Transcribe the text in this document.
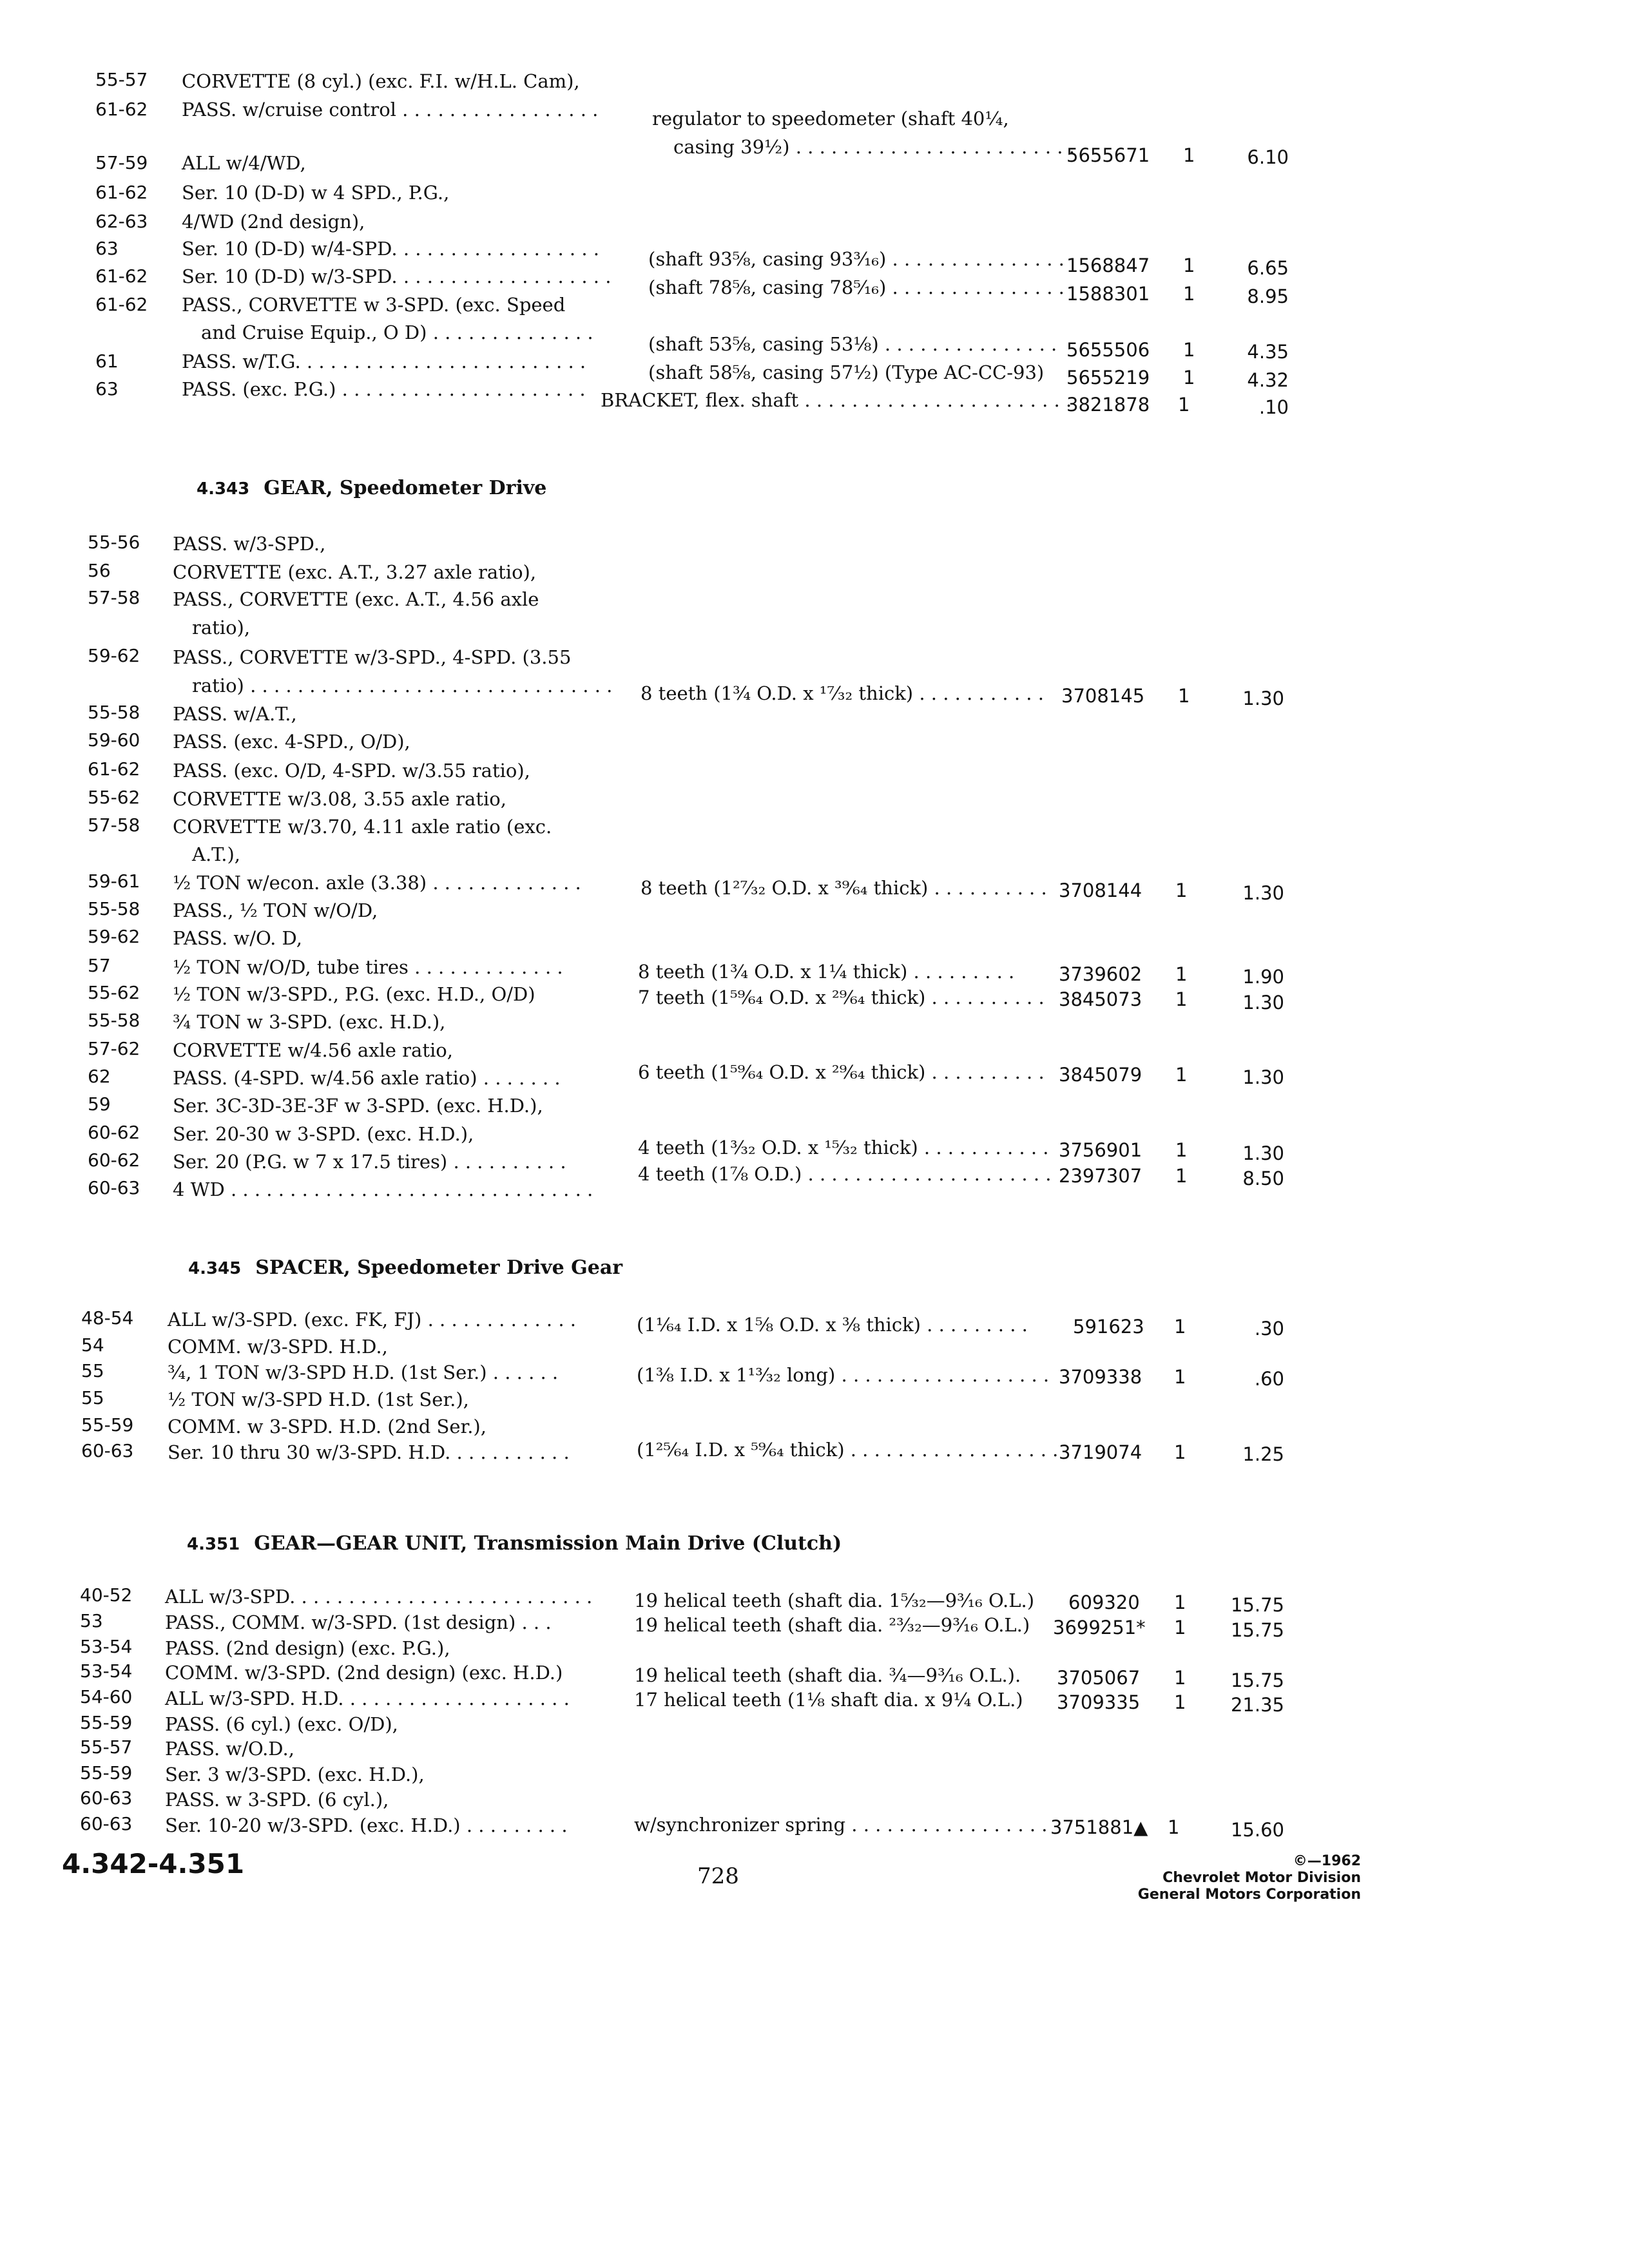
55-57
61-62
57-59
61-62
62-63
63
61-62
61-62
61
63
CORVETTE (8 cyl.) (exc. F.I. w/H.L. Cam),
PASS. w/cruise control . . . . . . . . . . . . . . . . .
ALL w/4/WD,
Ser. 10 (D-D) w 4 SPD., P.G.,
4/WD (2nd design),
Ser. 10 (D-D) w/4-SPD. . . . . . . . . . . . . . . . . .
Ser. 10 (D-D) w/3-SPD. . . . . . . . . . . . . . . . . . .
PASS., CORVETTE w 3-SPD. (exc. Speed
and Cruise Equip., O D) . . . . . . . . . . . . . .
PASS. w/T.G. . . . . . . . . . . . . . . . . . . . . . . . .
PASS. (exc. P.G.) . . . . . . . . . . . . . . . . . . . . .
regulator to speedometer (shaft 40¼,
casing 39½) . . . . . . . . . . . . . . . . . . . . . . . .
(shaft 93⅝, casing 93³⁄₁₆) . . . . . . . . . . . . . . .
(shaft 78⅝, casing 78⁵⁄₁₆) . . . . . . . . . . . . . . .
(shaft 53⅝, casing 53⅛) . . . . . . . . . . . . . . .
(shaft 58⅝, casing 57½) (Type AC-CC-93)
BRACKET, flex. shaft . . . . . . . . . . . . . . . . . . . . . . .
5655671
1568847
1588301
5655506
5655219
3821878
1
1
1
1
1
1
6.10
6.65
8.95
4.35
4.32
.10
4.343 GEAR, Speedometer Drive
55-56
56
57-58
59-62
55-58
59-60
61-62
55-62
57-58
59-61
55-58
59-62
57
55-62
55-58
57-62
62
59
60-62
60-62
60-63
PASS. w/3-SPD.,
CORVETTE (exc. A.T., 3.27 axle ratio),
PASS., CORVETTE (exc. A.T., 4.56 axle
ratio),
PASS., CORVETTE w/3-SPD., 4-SPD. (3.55
ratio) . . . . . . . . . . . . . . . . . . . . . . . . . . . . . . .
PASS. w/A.T.,
PASS. (exc. 4-SPD., O/D),
PASS. (exc. O/D, 4-SPD. w/3.55 ratio),
CORVETTE w/3.08, 3.55 axle ratio,
CORVETTE w/3.70, 4.11 axle ratio (exc.
A.T.),
½ TON w/econ. axle (3.38) . . . . . . . . . . . . .
PASS., ½ TON w/O/D,
PASS. w/O. D,
½ TON w/O/D, tube tires . . . . . . . . . . . . .
½ TON w/3-SPD., P.G. (exc. H.D., O/D)
¾ TON w 3-SPD. (exc. H.D.),
CORVETTE w/4.56 axle ratio,
PASS. (4-SPD. w/4.56 axle ratio) . . . . . . .
Ser. 3C-3D-3E-3F w 3-SPD. (exc. H.D.),
Ser. 20-30 w 3-SPD. (exc. H.D.),
Ser. 20 (P.G. w 7 x 17.5 tires) . . . . . . . . . .
4 WD . . . . . . . . . . . . . . . . . . . . . . . . . . . . . . .
8 teeth (1¾ O.D. x ¹⁷⁄₃₂ thick) . . . . . . . . . . .
8 teeth (1²⁷⁄₃₂ O.D. x ³⁹⁄₆₄ thick) . . . . . . . . . .
8 teeth (1¾ O.D. x 1¼ thick) . . . . . . . . .
7 teeth (1⁵⁹⁄₆₄ O.D. x ²⁹⁄₆₄ thick) . . . . . . . . . .
6 teeth (1⁵⁹⁄₆₄ O.D. x ²⁹⁄₆₄ thick) . . . . . . . . . .
4 teeth (1³⁄₃₂ O.D. x ¹⁵⁄₃₂ thick) . . . . . . . . . . .
4 teeth (1⅞ O.D.) . . . . . . . . . . . . . . . . . . . . .
3708145
3708144
3739602
3845073
3845079
3756901
2397307
1
1
1
1
1
1
1
1.30
1.30
1.90
1.30
1.30
1.30
8.50
4.345 SPACER, Speedometer Drive Gear
48-54
54
55
55
55-59
60-63
ALL w/3-SPD. (exc. FK, FJ) . . . . . . . . . . . . .
COMM. w/3-SPD. H.D.,
¾, 1 TON w/3-SPD H.D. (1st Ser.) . . . . . .
½ TON w/3-SPD H.D. (1st Ser.),
COMM. w 3-SPD. H.D. (2nd Ser.),
Ser. 10 thru 30 w/3-SPD. H.D. . . . . . . . . . .
(1¹⁄₆₄ I.D. x 1⅝ O.D. x ⅜ thick) . . . . . . . . .
(1⅜ I.D. x 1¹³⁄₃₂ long) . . . . . . . . . . . . . . . . . .
(1²⁵⁄₆₄ I.D. x ⁵⁹⁄₆₄ thick) . . . . . . . . . . . . . . . . . .
591623
3709338
3719074
1
1
1
.30
.60
1.25
4.351 GEAR—GEAR UNIT, Transmission Main Drive (Clutch)
40-52
53
53-54
53-54
54-60
55-59
55-57
55-59
60-63
60-63
ALL w/3-SPD. . . . . . . . . . . . . . . . . . . . . . . . . .
PASS., COMM. w/3-SPD. (1st design) . . .
PASS. (2nd design) (exc. P.G.),
COMM. w/3-SPD. (2nd design) (exc. H.D.)
ALL w/3-SPD. H.D. . . . . . . . . . . . . . . . . . . .
PASS. (6 cyl.) (exc. O/D),
PASS. w/O.D.,
Ser. 3 w/3-SPD. (exc. H.D.),
PASS. w 3-SPD. (6 cyl.),
Ser. 10-20 w/3-SPD. (exc. H.D.) . . . . . . . . .
19 helical teeth (shaft dia. 1⁵⁄₃₂—9³⁄₁₆ O.L.)
19 helical teeth (shaft dia. ²³⁄₃₂—9³⁄₁₆ O.L.)
19 helical teeth (shaft dia. ¾—9³⁄₁₆ O.L.).
17 helical teeth (1⅛ shaft dia. x 9¼ O.L.)
w/synchronizer spring . . . . . . . . . . . . . . . . .
609320
3699251*
3705067
3709335
3751881▲
1
1
1
1
1
15.75
15.75
15.75
21.35
15.60
4.342-4.351	728
©—1962
Chevrolet Motor Division
General Motors Corporation
